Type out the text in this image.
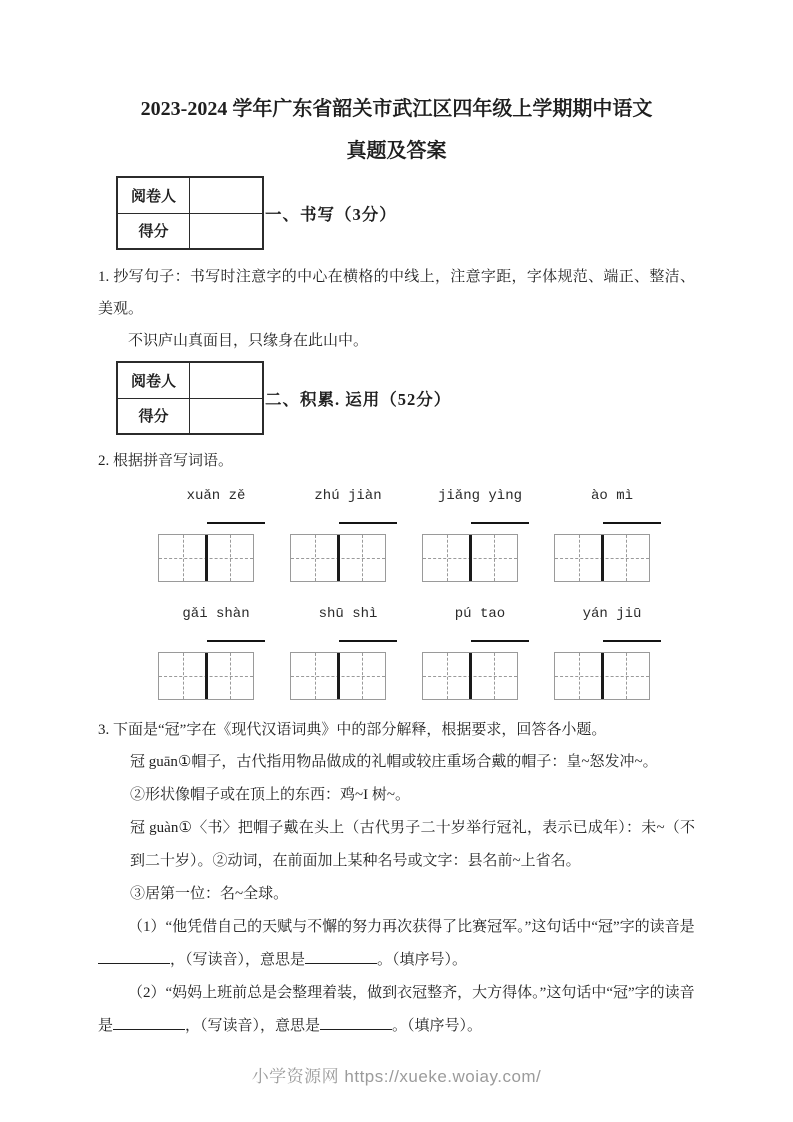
2023-2024 学年广东省韶关市武江区四年级上学期期中语文
真题及答案
阅卷人
得分
一、书写（3分）

1. 抄写句子：书写时注意字的中心在横格的中线上，注意字距，字体规范、端正、整洁、美观。

不识庐山真面目，只缘身在此山中。

阅卷人
得分
二、积累. 运用（52分）

2. 根据拼音写词语。

xuǎn zě	zhú jiàn	jiǎng yìng	ào mì
gǎi shàn	shū shì	pú tao	yán jiū

3. 下面是“冠”字在《现代汉语词典》中的部分解释，根据要求，回答各小题。

冠 guān①帽子，古代指用物品做成的礼帽或较庄重场合戴的帽子：皇~怒发冲~。

②形状像帽子或在顶上的东西：鸡~I 树~。

冠 guàn①〈书〉把帽子戴在头上（古代男子二十岁举行冠礼，表示已成年）：未~（不到二十岁）。②动词，在前面加上某种名号或文字：县名前~上省名。

③居第一位：名~全球。

（1）“他凭借自己的天赋与不懈的努力再次获得了比赛冠军。”这句话中“冠”字的读音是，（写读音），意思是	。（填序号）。

（2）“妈妈上班前总是会整理着装，做到衣冠整齐，大方得体。”这句话中“冠”字的读音是	，（写读音），意思是	。（填序号）。

小学资源网 https://xueke.woiay.com/
